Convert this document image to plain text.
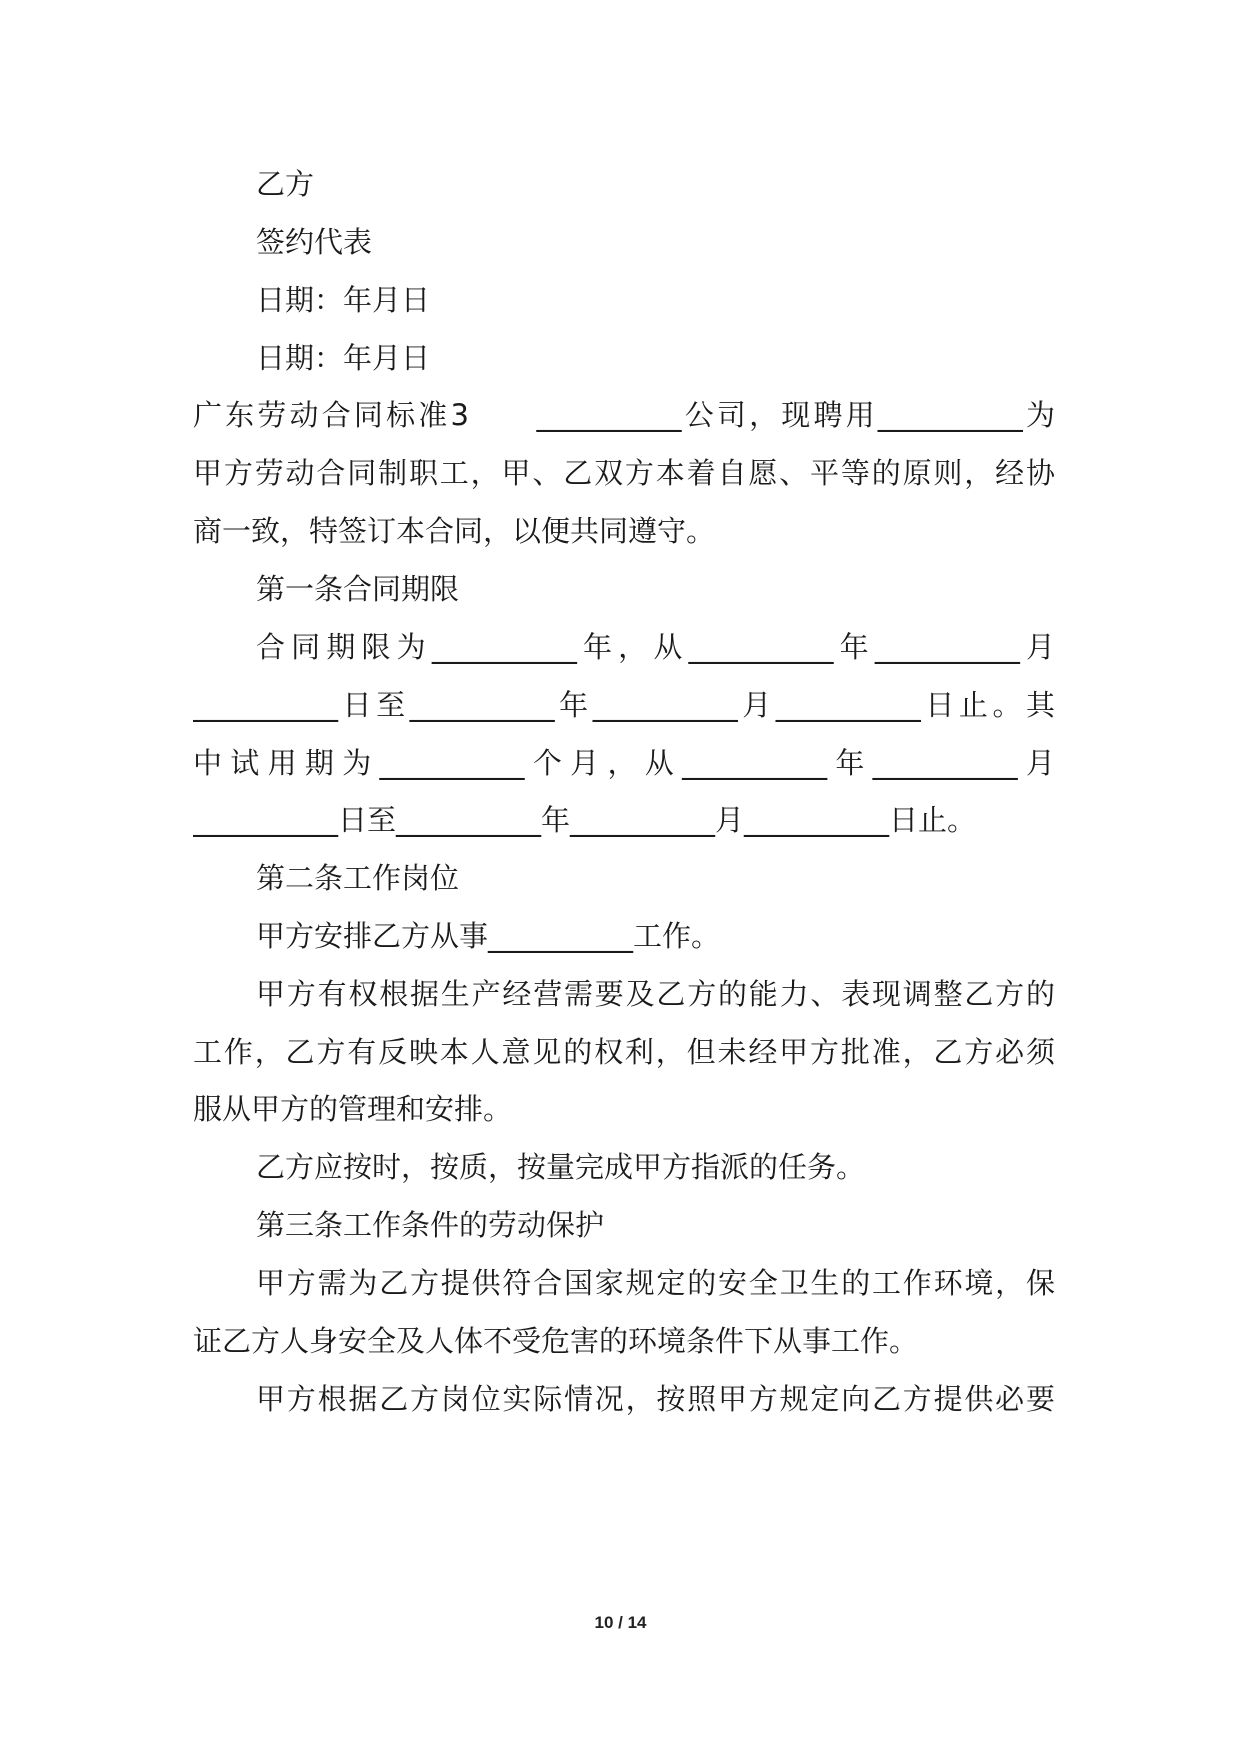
乙方
签约代表
日期：年月日
日期：年月日
广东劳动合同标准3　　__________公司，现聘用__________为
甲方劳动合同制职工，甲、乙双方本着自愿、平等的原则，经协
商一致，特签订本合同，以便共同遵守。
第一条合同期限
合同期限为__________年，从__________年__________月
__________日至__________年__________月__________日止。其
中试用期为__________个月，从__________年__________月
__________日至__________年__________月__________日止。
第二条工作岗位
甲方安排乙方从事__________工作。
甲方有权根据生产经营需要及乙方的能力、表现调整乙方的
工作，乙方有反映本人意见的权利，但未经甲方批准，乙方必须
服从甲方的管理和安排。
乙方应按时，按质，按量完成甲方指派的任务。
第三条工作条件的劳动保护
甲方需为乙方提供符合国家规定的安全卫生的工作环境，保
证乙方人身安全及人体不受危害的环境条件下从事工作。
甲方根据乙方岗位实际情况，按照甲方规定向乙方提供必要
10 / 14
